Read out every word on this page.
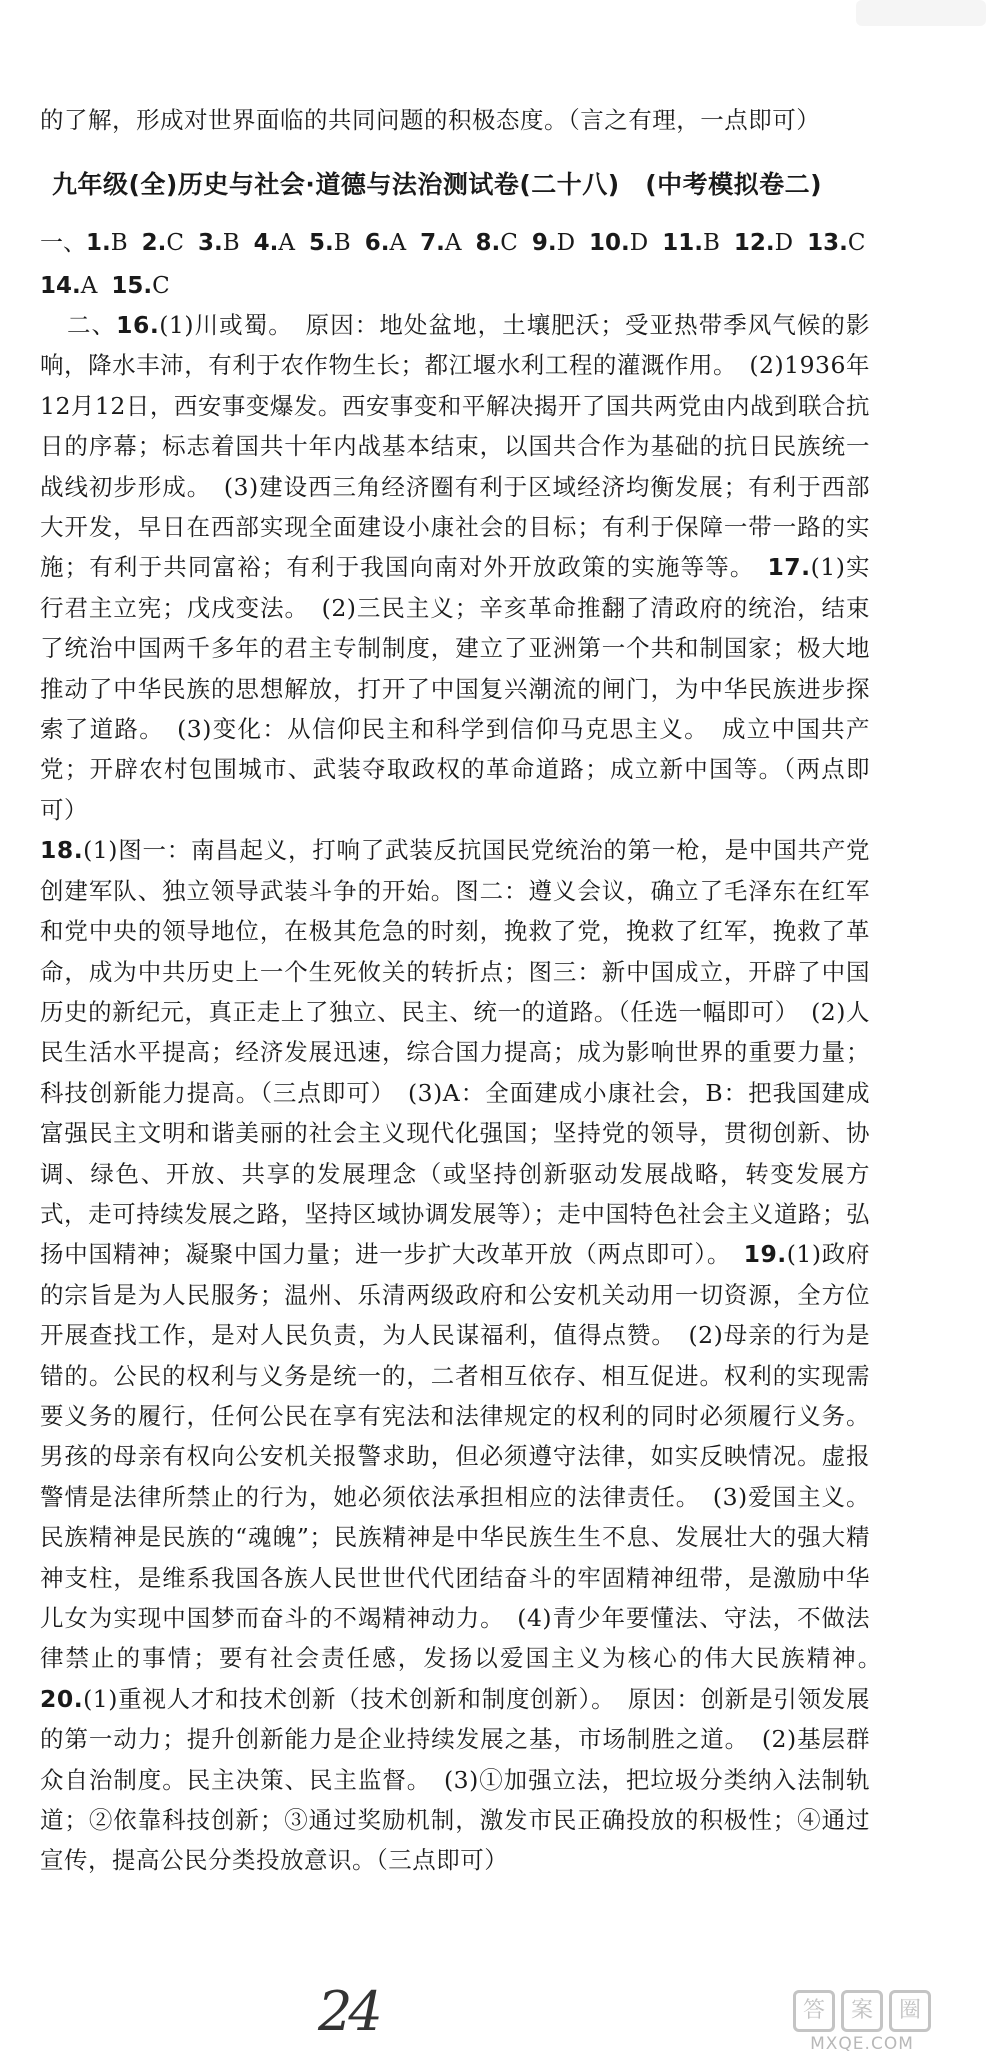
的了解，形成对世界面临的共同问题的积极态度。（言之有理，一点即可）
九年级(全)历史与社会·道德与法治测试卷(二十八)　(中考模拟卷二)
一、1.B 2.C 3.B 4.A 5.B 6.A 7.A 8.C 9.D 10.D 11.B 12.D 13.C14.A 15.C

二、16.(1)川或蜀。　原因：地处盆地，土壤肥沃；受亚热带季风气候的影响，降水丰沛，有利于农作物生长；都江堰水利工程的灌溉作用。　(2)1936年12月12日，西安事变爆发。西安事变和平解决揭开了国共两党由内战到联合抗日的序幕；标志着国共十年内战基本结束，以国共合作为基础的抗日民族统一战线初步形成。　(3)建设西三角经济圈有利于区域经济均衡发展；有利于西部大开发，早日在西部实现全面建设小康社会的目标；有利于保障一带一路的实施；有利于共同富裕；有利于我国向南对外开放政策的实施等等。　17.(1)实行君主立宪；戊戌变法。　(2)三民主义；辛亥革命推翻了清政府的统治，结束了统治中国两千多年的君主专制制度，建立了亚洲第一个共和制国家；极大地推动了中华民族的思想解放，打开了中国复兴潮流的闸门，为中华民族进步探索了道路。　(3)变化：从信仰民主和科学到信仰马克思主义。　成立中国共产党；开辟农村包围城市、武装夺取政权的革命道路；成立新中国等。（两点即可）
18.(1)图一：南昌起义，打响了武装反抗国民党统治的第一枪，是中国共产党创建军队、独立领导武装斗争的开始。图二：遵义会议，确立了毛泽东在红军和党中央的领导地位，在极其危急的时刻，挽救了党，挽救了红军，挽救了革命，成为中共历史上一个生死攸关的转折点；图三：新中国成立，开辟了中国历史的新纪元，真正走上了独立、民主、统一的道路。（任选一幅即可）　(2)人民生活水平提高；经济发展迅速，综合国力提高；成为影响世界的重要力量；科技创新能力提高。（三点即可）　(3)A：全面建成小康社会，B：把我国建成富强民主文明和谐美丽的社会主义现代化强国；坚持党的领导，贯彻创新、协调、绿色、开放、共享的发展理念（或坚持创新驱动发展战略，转变发展方式，走可持续发展之路，坚持区域协调发展等）；走中国特色社会主义道路；弘扬中国精神；凝聚中国力量；进一步扩大改革开放（两点即可）。　19.(1)政府的宗旨是为人民服务；温州、乐清两级政府和公安机关动用一切资源，全方位开展查找工作，是对人民负责，为人民谋福利，值得点赞。　(2)母亲的行为是错的。公民的权利与义务是统一的，二者相互依存、相互促进。权利的实现需要义务的履行，任何公民在享有宪法和法律规定的权利的同时必须履行义务。男孩的母亲有权向公安机关报警求助，但必须遵守法律，如实反映情况。虚报警情是法律所禁止的行为，她必须依法承担相应的法律责任。　(3)爱国主义。民族精神是民族的“魂魄”；民族精神是中华民族生生不息、发展壮大的强大精神支柱，是维系我国各族人民世世代代团结奋斗的牢固精神纽带，是激励中华儿女为实现中国梦而奋斗的不竭精神动力。　(4)青少年要懂法、守法，不做法律禁止的事情；要有社会责任感，发扬以爱国主义为核心的伟大民族精神。　20.(1)重视人才和技术创新（技术创新和制度创新）。　原因：创新是引领发展的第一动力；提升创新能力是企业持续发展之基，市场制胜之道。　(2)基层群众自治制度。民主决策、民主监督。　(3)①加强立法，把垃圾分类纳入法制轨道；②依靠科技创新；③通过奖励机制，激发市民正确投放的积极性；④通过宣传，提高公民分类投放意识。（三点即可）

24	答	案	圈
MXQE.COM
